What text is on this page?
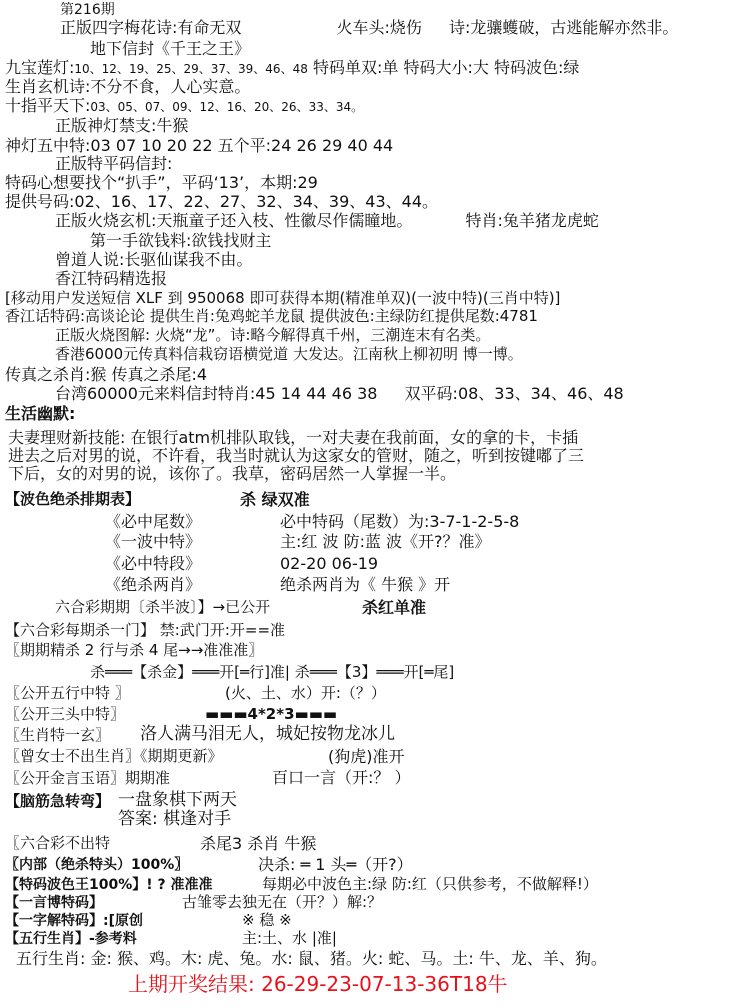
第216期
正版四字梅花诗:有命无双	火车头:烧伤 诗:龙骧蠖破，古逃能解亦然非。
地下信封《千王之王》
九宝莲灯:10、12、19、25、29、37、39、46、48 特码单双:单 特码大小:大 特码波色:绿
生肖玄机诗:不分不食，人心实意。
十指平天下:03、05、07、09、12、16、20、26、33、34。
正版神灯禁支:牛猴
神灯五中特:03 07 10 20 22 五个平:24 26 29 40 44
正版特平码信封:
特码心想要找个“扒手”，平码‘13’，本期:29
提供号码:02、16、17、22、27、32、34、39、43、44。
正版火烧玄机:天瓶童子还入枝、性徽尽作儒瞳地。	特肖:兔羊猪龙虎蛇
第一手欲钱料:欲钱找财主
曾道人说:长驱仙谋我不由。
香江特码精选报
[移动用户发送短信 XLF 到 950068 即可获得本期(精准单双)(一波中特)(三肖中特)]
香江话特码:高谈论论 提供生肖:兔鸡蛇羊龙鼠 提供波色:主绿防红提供尾数:4781
正版火烧图解: 火烧“龙”。诗:略今解得真千州，三潮连末有名类。
香港6000元传真料信栽窃语横觉道 大发达。江南秋上柳初明 博一博。
传真之杀肖:猴 传真之杀尾:4
台湾60000元来料信封特肖:45 14 44 46 38 双平码:08、33、34、46、48
生活幽默:
夫妻理财新技能: 在银行atm机排队取钱，一对夫妻在我前面，女的拿的卡，卡插
进去之后对男的说，不许看，我当时就认为这家女的管财，随之，听到按键嘟了三
下后，女的对男的说，该你了。我草，密码居然一人掌握一半。
【波色绝杀排期表】	杀 绿双准
《必中尾数》	必中特码（尾数）为:3-7-1-2-5-8
《一波中特》	主:红 波 防:蓝 波《开?？准》
《必中特段》	02-20 06-19
《绝杀两肖》	绝杀两肖为《 牛猴 》开
六合彩期期〔杀半波〕】→已公开	杀红单准
【六合彩每期杀一门】 禁:武门开:开==准
〖期期精杀 2 行与杀 4 尾→→准准准〗
杀═══【杀金】═══开[═行]准| 杀═══【3】═══开[═尾]
〖公开五行中特 〗	(火、土、水）开:（？）
〖公开三头中特〗	▬▬▬4*2*3▬▬▬
〖生肖特一玄〗 洛人满马泪无人，城妃按物龙冰儿
〖曾女士不出生肖〗《期期更新》	(狗虎)准开
〖公开金言玉语〗期期准	百口一言（开:？ ）
【脑筋急转弯】 一盘象棋下两天
答案: 棋逢对手
〖六合彩不出特	杀尾3 杀肖 牛猴
〖内部（绝杀特头）100%〗	决杀: ═ 1 头═（开?）
【特码波色王100%】! ? 准准准	每期必中波色主:绿 防:红（只供参考，不做解释!）
【一言博特码】	古雏零去独无在（开？）解:？
【一字解特码】:[原创	※ 稳 ※
【五行生肖】-参考料	主:土、水 |准|
五行生肖: 金: 猴、鸡。木: 虎、兔。水: 鼠、猪。火: 蛇、马。土: 牛、龙、羊、狗。
上期开奖结果: 26-29-23-07-13-36T18牛
